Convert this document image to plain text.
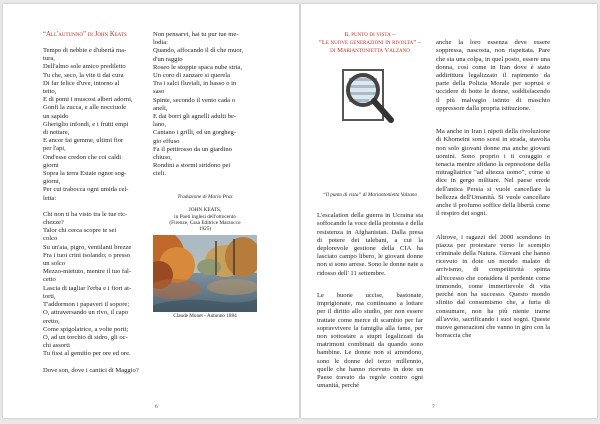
“All'autunno” di John Keats
Tempo di nebbie e d'ubertà ma-
tura,
Dell'almo sole amico prediletto
Tu che, seco, la vite ti dai cura
Di far felice d'uve, intorno al
tetto,
E di pomi i muscosi alberi adorni,
Gonfi la zucca, e alle nocciuole
un sapido
Gheriglio infondi, e i frutti empi
di nettare,
E ancor fai gemme, ultimi fior
per l'api,
Ond'esse credon che coi caldi
giorni
Sopra la terra Estate ognor sog-
giorni,
Per cui trabocca ogni umida cel-
letta:
Chi non ti ha visto tra le tue ric-
chezze?
Talor chi cerca scopre te sei
colco
Su un'aia, pigro, ventilanti brezze
Fra i tuoi crini isolando; o presso
un solco
Mezzo-mietuto, mentre il tuo fal-
cetto
Lascia di tagliar l'erba e i fiori at-
torti,
T'addormon i papaveri il sopore;
O, attraversando un rivo, il capo
eretto,
Come spigolatrice, a volte porti;
O, ad un torchio di sidro, gli oc-
chi assorti
Tu fissi al gemitìo per ore ed ore.
Dove son, dove i cantici di Maggio?
Non pensarvi, hai tu pur tue me-
lodia:
Quando, affocando il dì che muor,
d'un raggio
Roseo le stoppie spaca nube stria,
Un coro di zanzare si querela
Tra i salci fluviali, in basso o in
saso
Spinte, secondo il vento cada o
aneli,
E dai borri gli agnelli adulti be-
lano,
Cantano i grilli, ed un gorgheg-
gio effuso
Fa il pettirosso da un giardino
chiuso,
Rondini a stormi stridono pei
cieli.

Traduzione di Mario Praz

JOHN KEATS,
in Poeti inglesi dell'ottocento
(Firenze, Casa Editrice Marzocco
1925)

Claude Monet - Autunno 1884
6
Il punto di vista –
“Le nuove generazioni in rivolta” –
di Mariantonietta Valzano
“Il punto di vista” di Mariantonietta Valzano

L'escalation della guerra in Ucraina sta soffocando la voce della protesta e della resistenza in Afghanistan. Dalla presa di potere dei talebani, a cui la deplorevole gestione della CIA ha lasciato campo libero, le giovani donne non si sono arrese. Sono le donne nate a ridosso dell' 11 settembre.

Le buone uccise, bastonate, imprigionate, ma continuano a lottare per il diritto allo studio, per non essere trattate come merce di scambio per far sopravvivere la famiglia alla fame, per non sottostare a stupri legalizzati da matrimoni combinati da quando sono bambine. Le donne non si arrendono, sono le donne del terzo millennio, quelle che hanno ricevuto in dote un Paese travato da regole contro ogni umanità, perché

anche la loro essenza deve essere soppressa, nascosta, non rispettata. Pare che sia una colpa, in quel posto, essere una donna, così come in Iran dove è stato addirittura legalizzato il rapimento da parte della Polizia Morale per soprusi e uccidere di botte le donne, soddisfacendo il più malvagio istinto di maschio oppressore dalla propria istituzione.

Ma anche in Iran i nipoti della rivoluzione di Khomeini sono scesi in strada, stavolta non solo giovani donne ma anche giovani uomini. Sono proprio i ti coraggio e tenacia mentre sfidano la repressione della mitragliatrice "ad altezza uomo", come si dice in gergo militare. Nel paese erede dell'antica Persia si vuole cancellare la bellezza dell'Umanità. Si vuole cancellare anche il profumo soffice della libertà come il respiro dei sogni.

Altrove, i ragazzi del 2000 scendono in piazza per protestare verso le scempio criminale della Natura. Giovani che hanno ricevuto in dote un mondo malato di arrivismo, di competitività spinta all'eccesso che considera il perdente come immondo, come immeritevole di vita perché non ha successo. Questo mondo sfinito dal consumismo che, a furia di consumare, non ha più niente trarne all'avvio, sacrificando i suoi sogni. Queste nuove generazioni che vanno in giro con la borraccia che

7
